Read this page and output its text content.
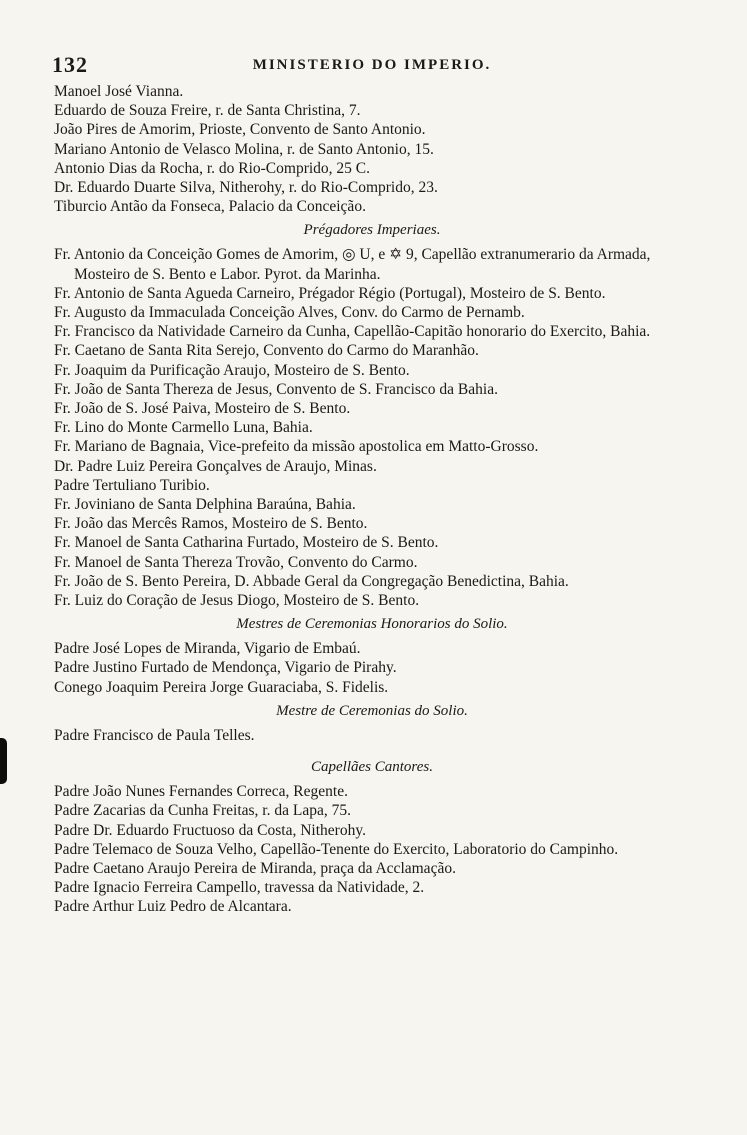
132	MINISTERIO DO IMPERIO.

Manoel José Vianna.

Eduardo de Souza Freire, r. de Santa Christina, 7.

João Pires de Amorim, Prioste, Convento de Santo Antonio.

Mariano Antonio de Velasco Molina, r. de Santo Antonio, 15.

Antonio Dias da Rocha, r. do Rio-Comprido, 25 C.

Dr. Eduardo Duarte Silva, Nitherohy, r. do Rio-Comprido, 23.

Tiburcio Antão da Fonseca, Palacio da Conceição.

Prégadores Imperiaes.

Fr. Antonio da Conceição Gomes de Amorim, ◎ U, e ✡ 9, Capellão extranumerario da Armada, Mosteiro de S. Bento e Labor. Pyrot. da Marinha.

Fr. Antonio de Santa Agueda Carneiro, Prégador Régio (Portugal), Mosteiro de S. Bento.

Fr. Augusto da Immaculada Conceição Alves, Conv. do Carmo de Pernamb.

Fr. Francisco da Natividade Carneiro da Cunha, Capellão-Capitão honorario do Exercito, Bahia.

Fr. Caetano de Santa Rita Serejo, Convento do Carmo do Maranhão.

Fr. Joaquim da Purificação Araujo, Mosteiro de S. Bento.

Fr. João de Santa Thereza de Jesus, Convento de S. Francisco da Bahia.

Fr. João de S. José Paiva, Mosteiro de S. Bento.

Fr. Lino do Monte Carmello Luna, Bahia.

Fr. Mariano de Bagnaia, Vice-prefeito da missão apostolica em Matto-Grosso.

Dr. Padre Luiz Pereira Gonçalves de Araujo, Minas.

Padre Tertuliano Turibio.

Fr. Joviniano de Santa Delphina Baraúna, Bahia.

Fr. João das Mercês Ramos, Mosteiro de S. Bento.

Fr. Manoel de Santa Catharina Furtado, Mosteiro de S. Bento.

Fr. Manoel de Santa Thereza Trovão, Convento do Carmo.

Fr. João de S. Bento Pereira, D. Abbade Geral da Congregação Benedictina, Bahia.

Fr. Luiz do Coração de Jesus Diogo, Mosteiro de S. Bento.

Mestres de Ceremonias Honorarios do Solio.

Padre José Lopes de Miranda, Vigario de Embaú.

Padre Justino Furtado de Mendonça, Vigario de Pirahy.

Conego Joaquim Pereira Jorge Guaraciaba, S. Fidelis.

Mestre de Ceremonias do Solio.

Padre Francisco de Paula Telles.

Capellães Cantores.

Padre João Nunes Fernandes Correca, Regente.

Padre Zacarias da Cunha Freitas, r. da Lapa, 75.

Padre Dr. Eduardo Fructuoso da Costa, Nitherohy.

Padre Telemaco de Souza Velho, Capellão-Tenente do Exercito, Laboratorio do Campinho.

Padre Caetano Araujo Pereira de Miranda, praça da Acclamação.

Padre Ignacio Ferreira Campello, travessa da Natividade, 2.

Padre Arthur Luiz Pedro de Alcantara.
